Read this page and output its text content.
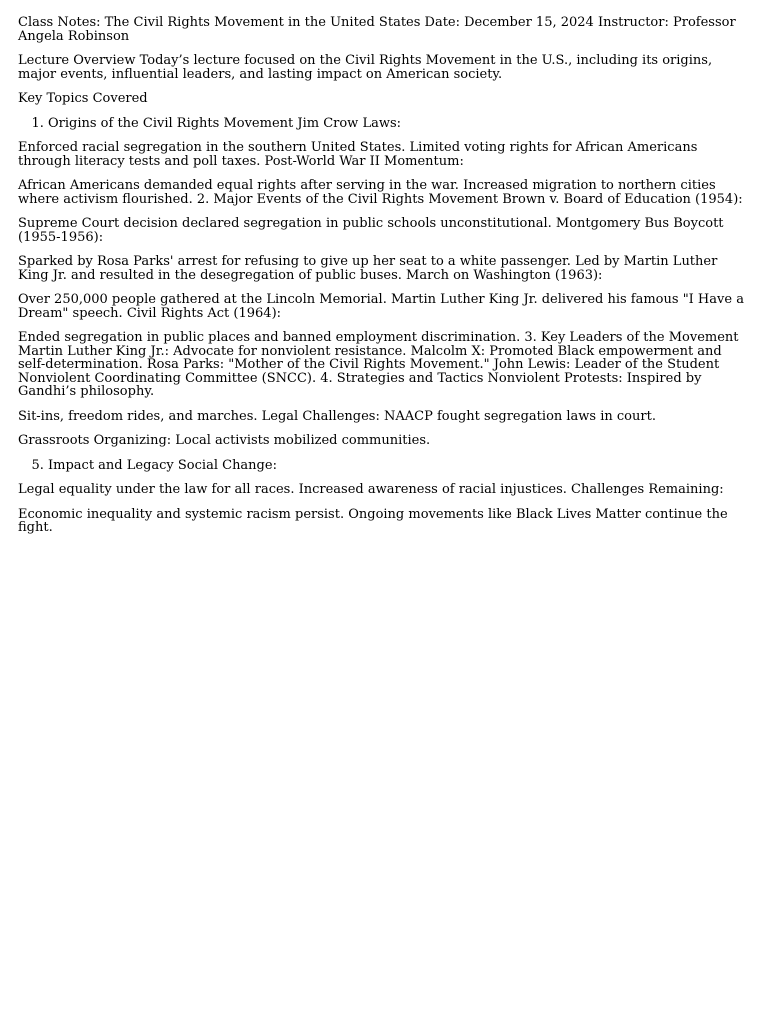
Class Notes: The Civil Rights Movement in the United States Date: December 15, 2024 Instructor: Professor Angela Robinson

Lecture Overview Today’s lecture focused on the Civil Rights Movement in the U.S., including its origins, major events, influential leaders, and lasting impact on American society.

Key Topics Covered

1. Origins of the Civil Rights Movement Jim Crow Laws:

Enforced racial segregation in the southern United States. Limited voting rights for African Americans through literacy tests and poll taxes. Post-World War II Momentum:

African Americans demanded equal rights after serving in the war. Increased migration to northern cities where activism flourished. 2. Major Events of the Civil Rights Movement Brown v. Board of Education (1954):

Supreme Court decision declared segregation in public schools unconstitutional. Montgomery Bus Boycott (1955-1956):

Sparked by Rosa Parks' arrest for refusing to give up her seat to a white passenger. Led by Martin Luther King Jr. and resulted in the desegregation of public buses. March on Washington (1963):

Over 250,000 people gathered at the Lincoln Memorial. Martin Luther King Jr. delivered his famous "I Have a Dream" speech. Civil Rights Act (1964):

Ended segregation in public places and banned employment discrimination. 3. Key Leaders of the Movement Martin Luther King Jr.: Advocate for nonviolent resistance. Malcolm X: Promoted Black empowerment and self-determination. Rosa Parks: "Mother of the Civil Rights Movement." John Lewis: Leader of the Student Nonviolent Coordinating Committee (SNCC). 4. Strategies and Tactics Nonviolent Protests: Inspired by Gandhi’s philosophy.

Sit-ins, freedom rides, and marches. Legal Challenges: NAACP fought segregation laws in court.

Grassroots Organizing: Local activists mobilized communities.

5. Impact and Legacy Social Change:

Legal equality under the law for all races. Increased awareness of racial injustices. Challenges Remaining:

Economic inequality and systemic racism persist. Ongoing movements like Black Lives Matter continue the fight.
